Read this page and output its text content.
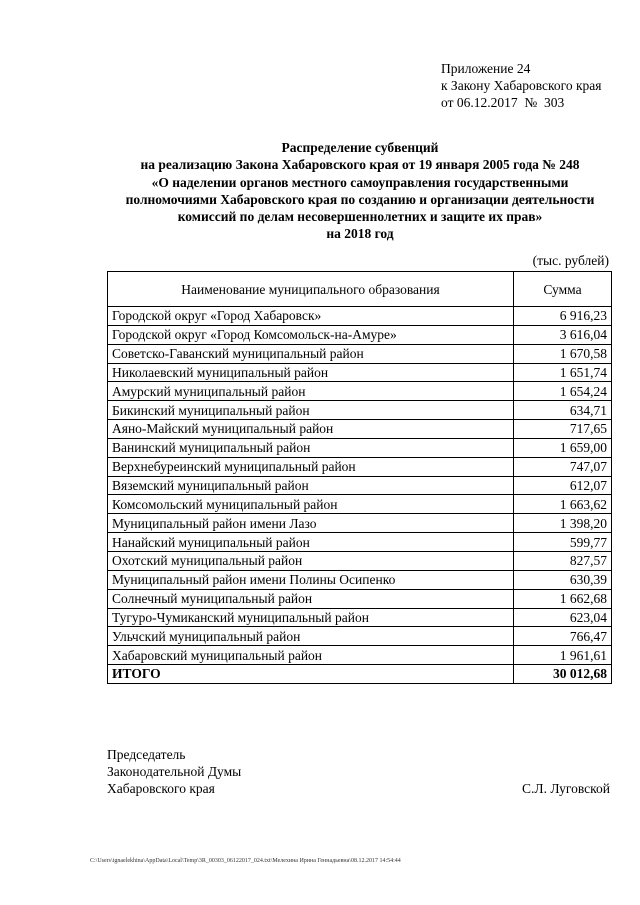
Приложение 24
к Закону Хабаровского края
от 06.12.2017  №  303
Распределение субвенций
на реализацию Закона Хабаровского края от 19 января 2005 года № 248
«О наделении органов местного самоуправления государственными
полномочиями Хабаровского края по созданию и организации деятельности
комиссий по делам несовершеннолетних и защите их прав»
на 2018 год
(тыс. рублей)
Наименование муниципального образования	Сумма
Городской округ «Город Хабаровск»	6 916,23
Городской округ «Город Комсомольск-на-Амуре»	3 616,04
Советско-Гаванский муниципальный район	1 670,58
Николаевский муниципальный район	1 651,74
Амурский муниципальный район	1 654,24
Бикинский муниципальный район	634,71
Аяно-Майский муниципальный район	717,65
Ванинский муниципальный район	1 659,00
Верхнебуреинский муниципальный район	747,07
Вяземский муниципальный район	612,07
Комсомольский муниципальный район	1 663,62
Муниципальный район имени Лазо	1 398,20
Нанайский муниципальный район	599,77
Охотский муниципальный район	827,57
Муниципальный район имени Полины Осипенко	630,39
Солнечный муниципальный район	1 662,68
Тугуро-Чумиканский муниципальный район	623,04
Ульчский муниципальный район	766,47
Хабаровский муниципальный район	1 961,61
ИТОГО	30 012,68
Председатель
Законодательной Думы
Хабаровского края	С.Л. Луговской
C:\Users\ignaelekhina\AppData\Local\Temp\3R_00303_06122017_024.txt\Мелехина Ирина Геннадьевна\08.12.2017 14:54:44
